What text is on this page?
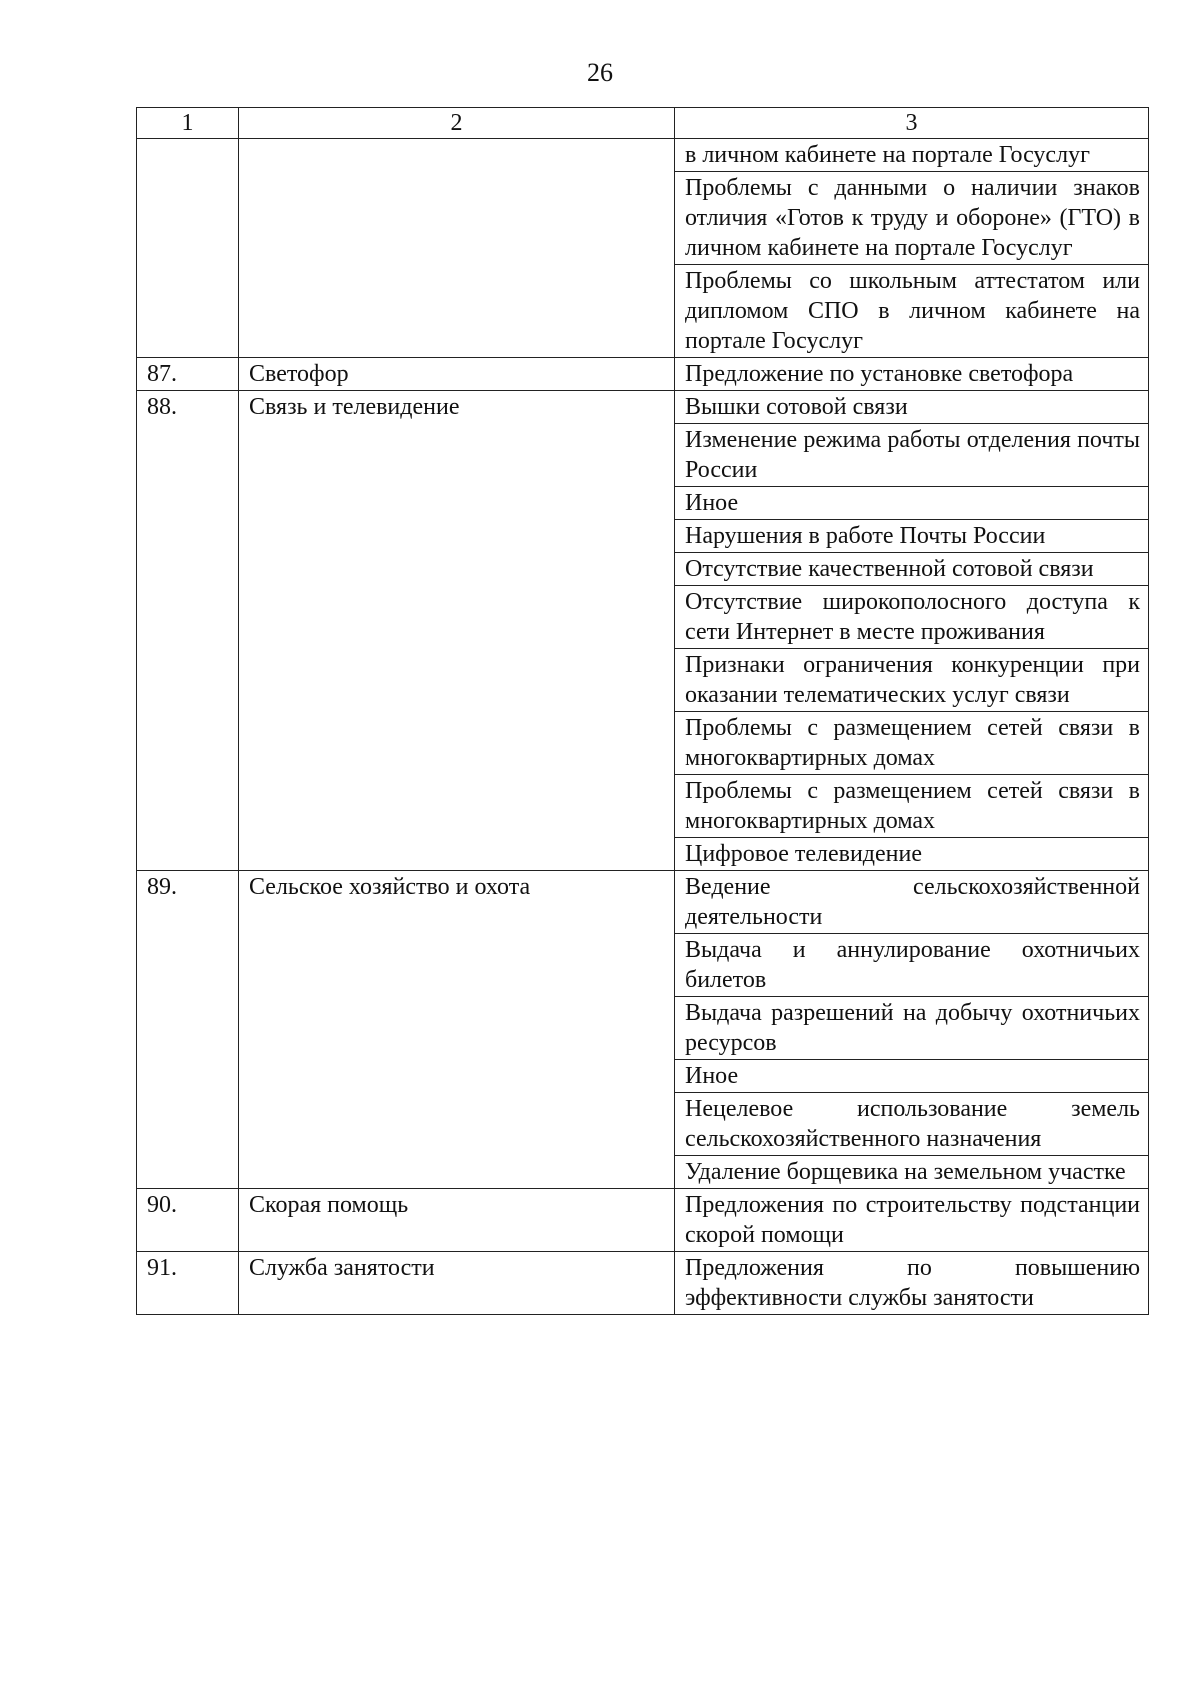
26
1	2	3
		в личном кабинете на портале Госуслуг
		Проблемы с данными о наличии знаков отличия «Готов к труду и обороне» (ГТО) в личном кабинете на портале Госуслуг
		Проблемы со школьным аттестатом или дипломом СПО в личном кабинете на портале Госуслуг
87.	Светофор	Предложение по установке светофора
88.	Связь и телевидение	Вышки сотовой связи
		Изменение режима работы отделения почты России
		Иное
		Нарушения в работе Почты России
		Отсутствие качественной сотовой связи
		Отсутствие широкополосного доступа к сети Интернет в месте проживания
		Признаки ограничения конкуренции при оказании телематических услуг связи
		Проблемы с размещением сетей связи в многоквартирных домах
		Проблемы с размещением сетей связи в многоквартирных домах
		Цифровое телевидение
89.	Сельское хозяйство и охота	Ведение сельскохозяйственной деятельности
		Выдача и аннулирование охотничьих билетов
		Выдача разрешений на добычу охотничьих ресурсов
		Иное
		Нецелевое использование земель сельскохозяйственного назначения
		Удаление борщевика на земельном участке
90.	Скорая помощь	Предложения по строительству подстанции скорой помощи
91.	Служба занятости	Предложения по повышению эффективности службы занятости
